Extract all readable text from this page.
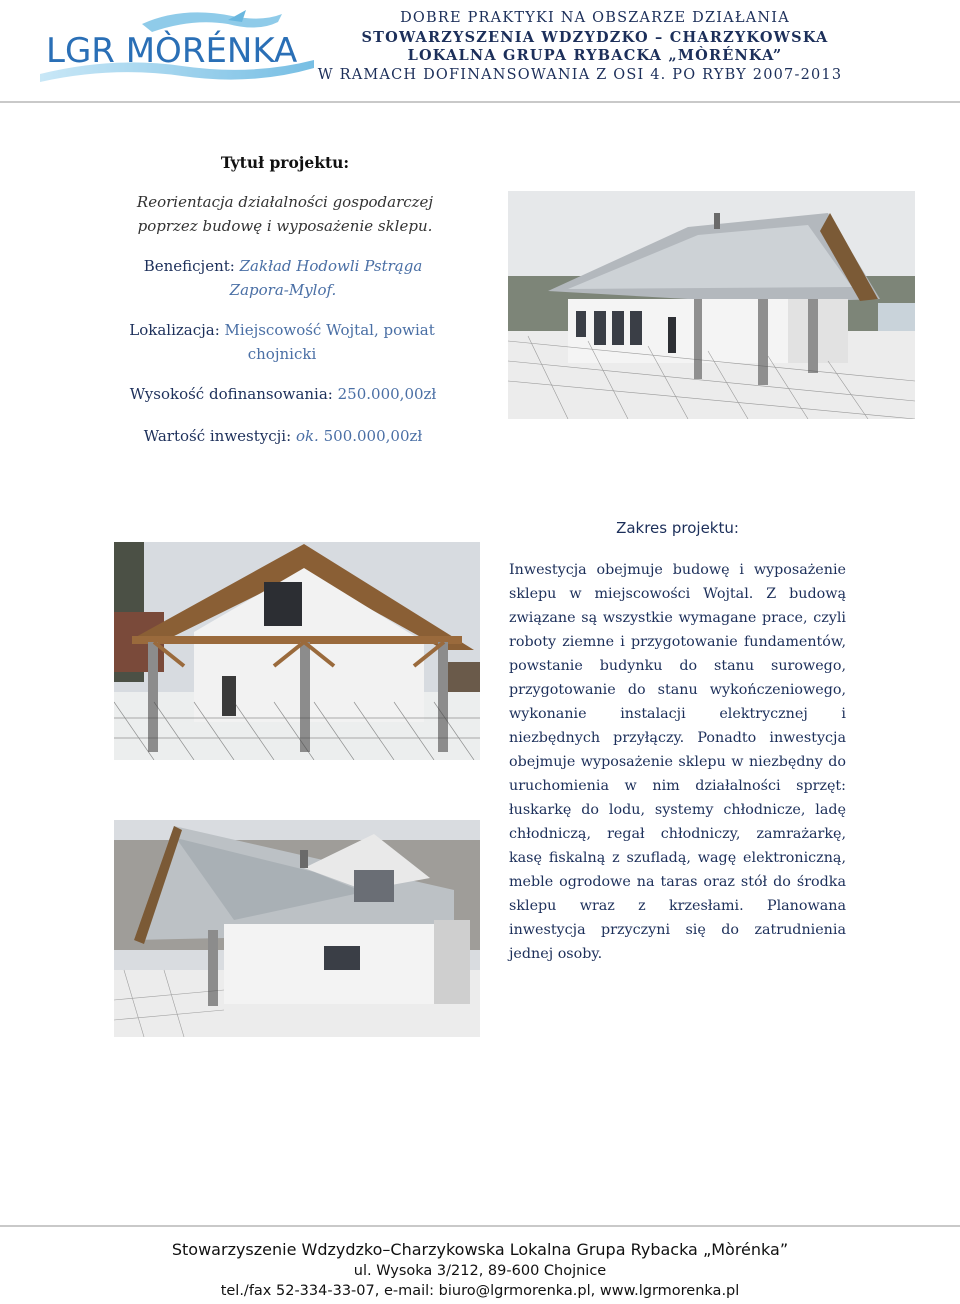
LGR MÒRÉNKA
DOBRE PRAKTYKI NA OBSZARZE DZIAŁANIA
STOWARZYSZENIA WDZYDZKO – CHARZYKOWSKA
LOKALNA GRUPA RYBACKA „MÒRÉNKA”
W RAMACH DOFINANSOWANIA Z OSI 4. PO RYBY 2007-2013
Tytuł projektu:
Reorientacja działalności gospodarczej poprzez budowę i wyposażenie sklepu.
Beneficjent: Zakład Hodowli Pstrąga Zapora-Mylof.
Lokalizacja: Miejscowość Wojtal, powiat chojnicki
Wysokość dofinansowania: 250.000,00zł
Wartość inwestycji: ok. 500.000,00zł
Zakres projektu:
Inwestycja obejmuje budowę i wyposażenie sklepu w miejscowości Wojtal. Z budową związane są wszystkie wymagane prace, czyli roboty ziemne i przygotowanie fundamentów, powstanie budynku do stanu surowego, przygotowanie do stanu wykończeniowego, wykonanie instalacji elektrycznej i niezbędnych przyłączy. Ponadto inwestycja obejmuje wyposażenie sklepu w niezbędny do uruchomienia w nim działalności sprzęt: łuskarkę do lodu, systemy chłodnicze, ladę chłodniczą, regał chłodniczy, zamrażarkę, kasę fiskalną z szufladą, wagę elektroniczną, meble ogrodowe na taras oraz stół do środka sklepu wraz z krzesłami. Planowana inwestycja przyczyni się do zatrudnienia jednej osoby.
Stowarzyszenie Wdzydzko–Charzykowska Lokalna Grupa Rybacka „Mòrénka”
ul. Wysoka 3/212, 89-600 Chojnice
tel./fax 52-334-33-07, e-mail: biuro@lgrmorenka.pl, www.lgrmorenka.pl
